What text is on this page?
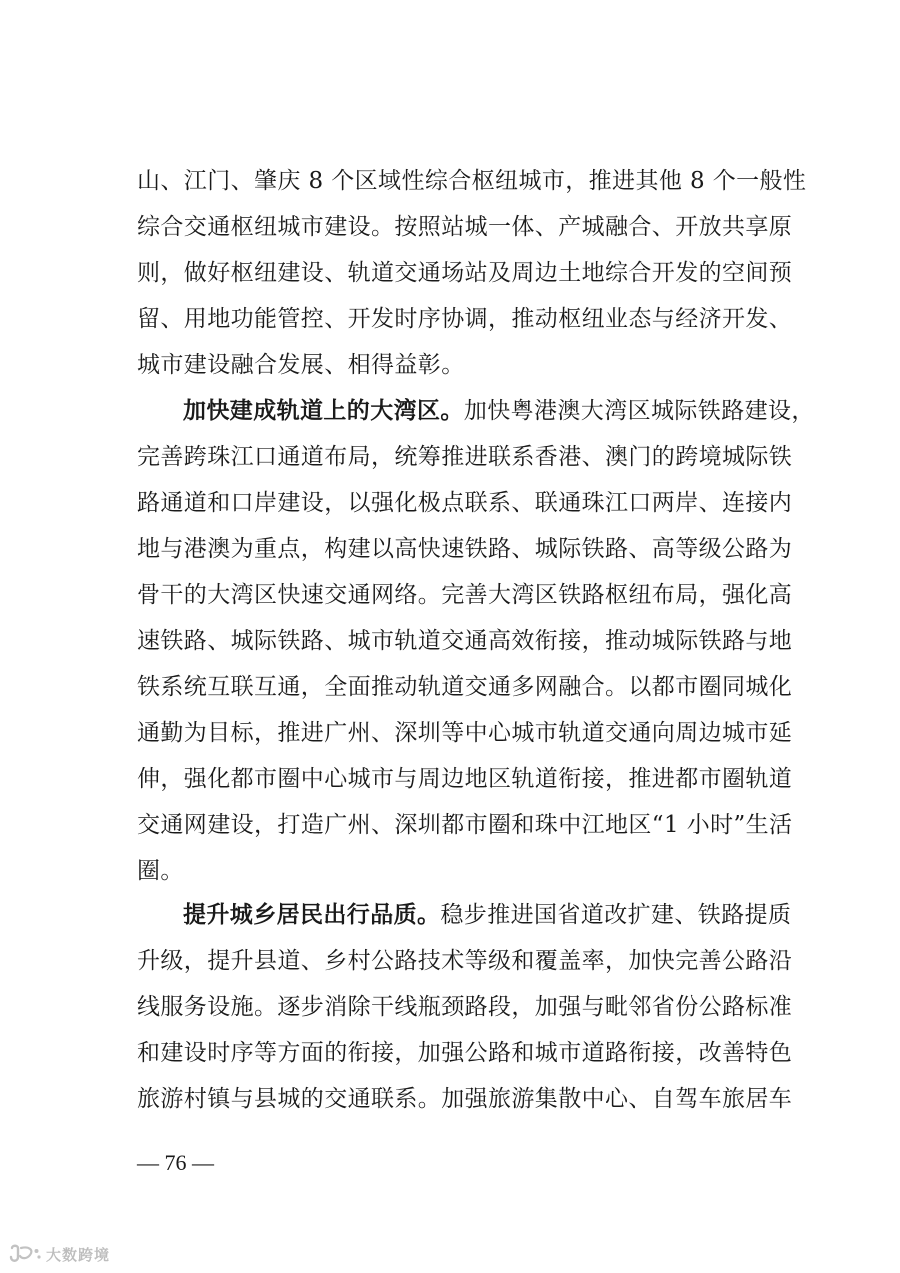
山、江门、肇庆 8 个区域性综合枢纽城市，推进其他 8 个一般性
综合交通枢纽城市建设。按照站城一体、产城融合、开放共享原
则，做好枢纽建设、轨道交通场站及周边土地综合开发的空间预
留、用地功能管控、开发时序协调，推动枢纽业态与经济开发、
城市建设融合发展、相得益彰。
加快建成轨道上的大湾区。加快粤港澳大湾区城际铁路建设，
完善跨珠江口通道布局，统筹推进联系香港、澳门的跨境城际铁
路通道和口岸建设，以强化极点联系、联通珠江口两岸、连接内
地与港澳为重点，构建以高快速铁路、城际铁路、高等级公路为
骨干的大湾区快速交通网络。完善大湾区铁路枢纽布局，强化高
速铁路、城际铁路、城市轨道交通高效衔接，推动城际铁路与地
铁系统互联互通，全面推动轨道交通多网融合。以都市圈同城化
通勤为目标，推进广州、深圳等中心城市轨道交通向周边城市延
伸，强化都市圈中心城市与周边地区轨道衔接，推进都市圈轨道
交通网建设，打造广州、深圳都市圈和珠中江地区“1 小时”生活
圈。
提升城乡居民出行品质。稳步推进国省道改扩建、铁路提质
升级，提升县道、乡村公路技术等级和覆盖率，加快完善公路沿
线服务设施。逐步消除干线瓶颈路段，加强与毗邻省份公路标准
和建设时序等方面的衔接，加强公路和城市道路衔接，改善特色
旅游村镇与县城的交通联系。加强旅游集散中心、自驾车旅居车
— 76 —
大数跨境
